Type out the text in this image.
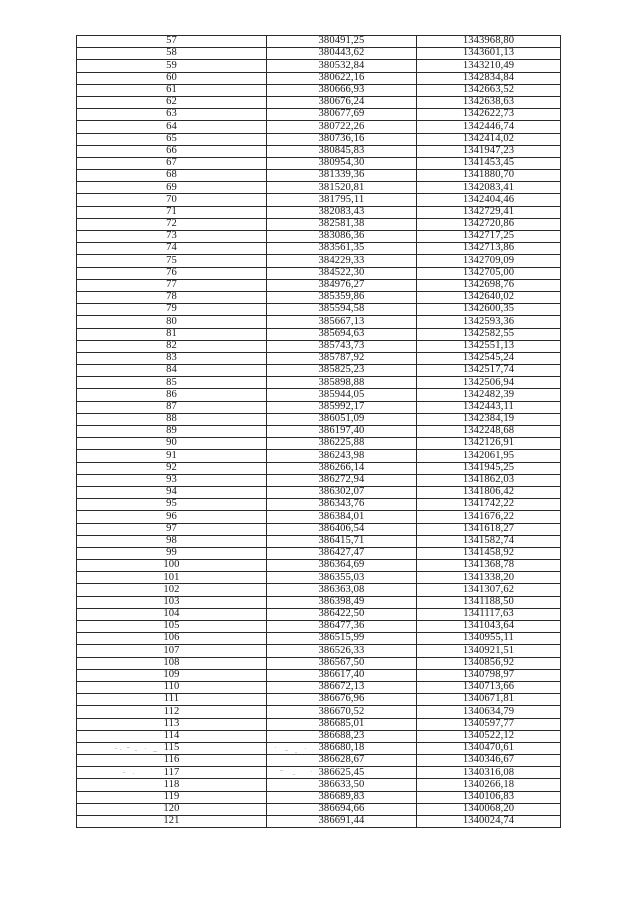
57	380491,25	1343968,80
58	380443,62	1343601,13
59	380532,84	1343210,49
60	380622,16	1342834,84
61	380666,93	1342663,52
62	380676,24	1342638,63
63	380677,69	1342622,73
64	380722,26	1342446,74
65	380736,16	1342414,02
66	380845,83	1341947,23
67	380954,30	1341453,45
68	381339,36	1341880,70
69	381520,81	1342083,41
70	381795,11	1342404,46
71	382083,43	1342729,41
72	382581,38	1342720,86
73	383086,36	1342717,25
74	383561,35	1342713,86
75	384229,33	1342709,09
76	384522,30	1342705,00
77	384976,27	1342698,76
78	385359,86	1342640,02
79	385594,58	1342600,35
80	385667,13	1342593,36
81	385694,63	1342582,55
82	385743,73	1342551,13
83	385787,92	1342545,24
84	385825,23	1342517,74
85	385898,88	1342506,94
86	385944,05	1342482,39
87	385992,17	1342443,11
88	386051,09	1342384,19
89	386197,40	1342248,68
90	386225,88	1342126,91
91	386243,98	1342061,95
92	386266,14	1341945,25
93	386272,94	1341862,03
94	386302,07	1341806,42
95	386343,76	1341742,22
96	386384,01	1341676,22
97	386406,54	1341618,27
98	386415,71	1341582,74
99	386427,47	1341458,92
100	386364,69	1341368,78
101	386355,03	1341338,20
102	386363,08	1341307,62
103	386398,49	1341188,50
104	386422,50	1341117,63
105	386477,36	1341043,64
106	386515,99	1340955,11
107	386526,33	1340921,51
108	386567,50	1340856,92
109	386617,40	1340798,97
110	386672,13	1340713,66
111	386676,96	1340671,81
112	386670,52	1340634,79
113	386685,01	1340597,77
114	386688,23	1340522,12
115	386680,18	1340470,61
116	386628,67	1340346,67
117	386625,45	1340316,08
118	386633,50	1340266,18
119	386689,83	1340106,83
120	386694,66	1340068,20
121	386691,44	1340024,74
